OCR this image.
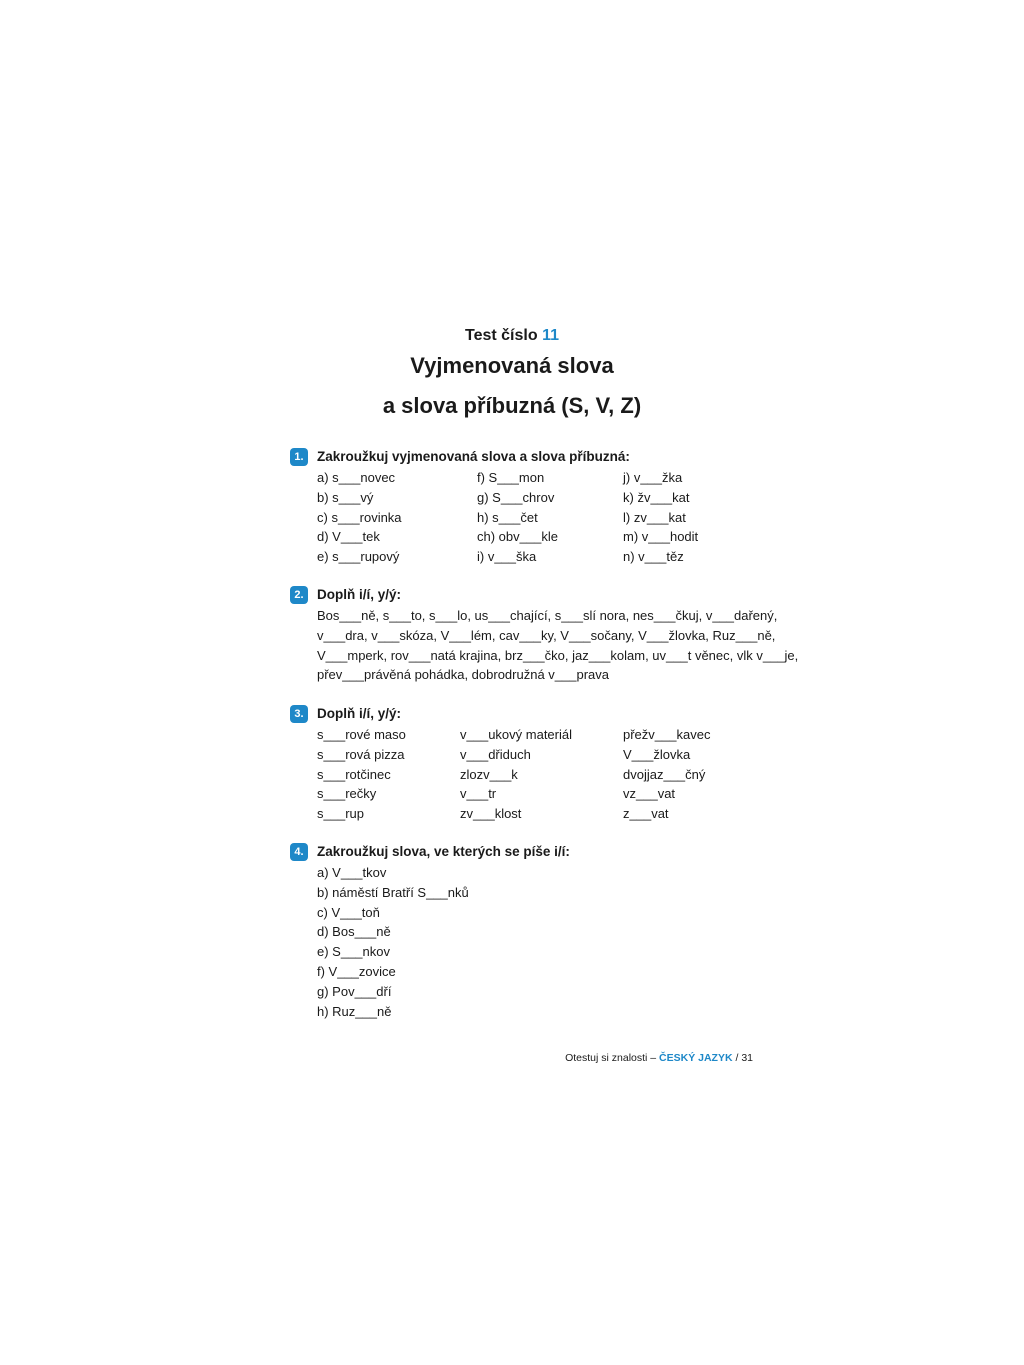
Test číslo 11
Vyjmenovaná slova
a slova příbuzná (S, V, Z)
1. Zakroužkuj vyjmenovaná slova a slova příbuzná:
a) s___novec
b) s___vý
c) s___rovinka
d) V___tek
e) s___rupový
f) S___mon
g) S___chrov
h) s___čet
ch) obv___kle
i) v___ška
j) v___žka
k) žv___kat
l) zv___kat
m) v___hodit
n) v___těz
2. Doplň i/í, y/ý:
Bos___ně, s___to, s___lo, us___chající, s___slí nora, nes___čkuj, v___dařený,
v___dra, v___skóza, V___lém, cav___ky, V___sočany, V___žlovka, Ruz___ně,
V___mperk, rov___natá krajina, brz___čko, jaz___kolam, uv___t věnec, vlk v___je,
přev___právěná pohádka, dobrodružná v___prava
3. Doplň i/í, y/ý:
s___rové maso
s___rová pizza
s___rotčinec
s___rečky
s___rup
v___ukový materiál
v___dřiduch
zlozv___k
v___tr
zv___klost
přežv___kavec
V___žlovka
dvojjaz___čný
vz___vat
z___vat
4. Zakroužkuj slova, ve kterých se píše i/í:
a) V___tkov
b) náměstí Bratří S___nků
c) V___toň
d) Bos___ně
e) S___nkov
f) V___zovice
g) Pov___dří
h) Ruz___ně
Otestuj si znalosti – ČESKÝ JAZYK / 31
